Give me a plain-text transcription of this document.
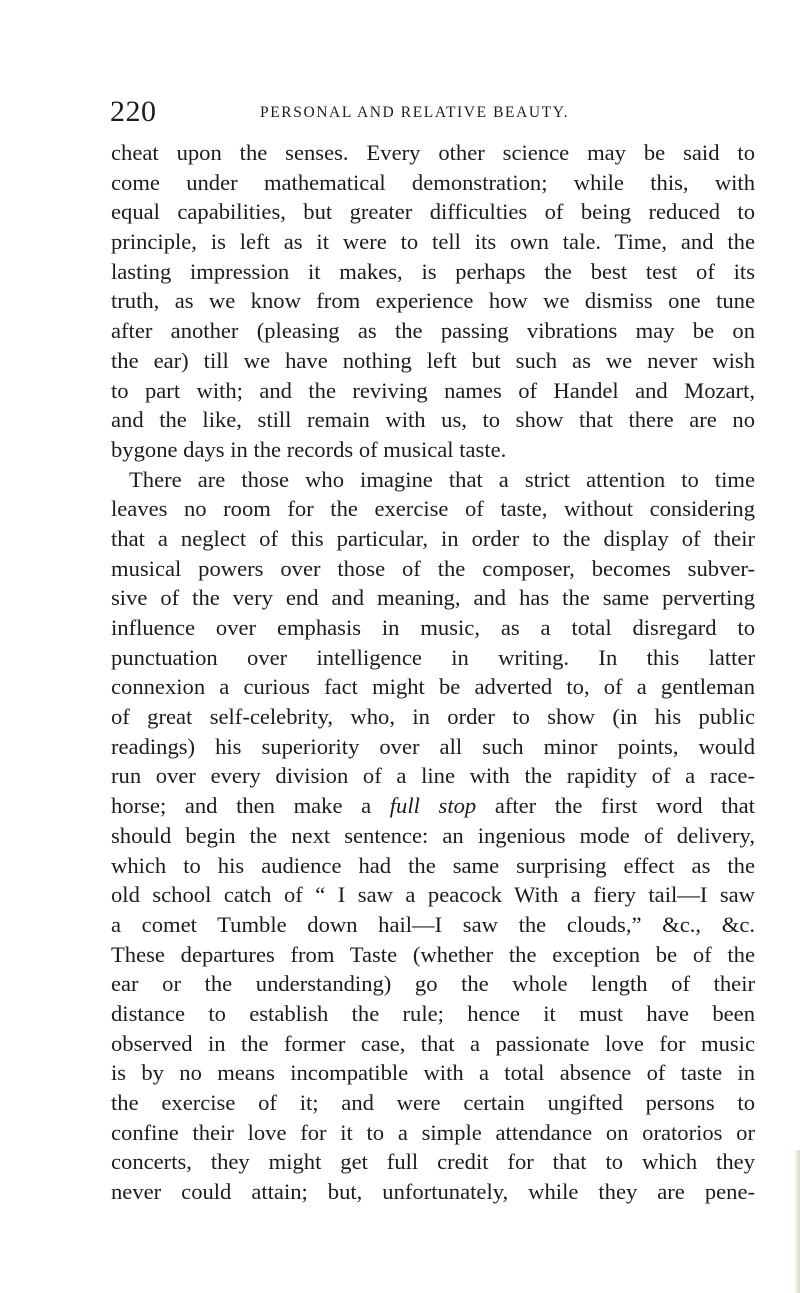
220	PERSONAL AND RELATIVE BEAUTY.
cheat upon the senses. Every other science may be said to
come under mathematical demonstration; while this, with
equal capabilities, but greater difficulties of being reduced to
principle, is left as it were to tell its own tale. Time, and the
lasting impression it makes, is perhaps the best test of its
truth, as we know from experience how we dismiss one tune
after another (pleasing as the passing vibrations may be on
the ear) till we have nothing left but such as we never wish
to part with; and the reviving names of Handel and Mozart,
and the like, still remain with us, to show that there are no
bygone days in the records of musical taste.
There are those who imagine that a strict attention to time
leaves no room for the exercise of taste, without considering
that a neglect of this particular, in order to the display of their
musical powers over those of the composer, becomes subver-
sive of the very end and meaning, and has the same perverting
influence over emphasis in music, as a total disregard to
punctuation over intelligence in writing. In this latter
connexion a curious fact might be adverted to, of a gentleman
of great self-celebrity, who, in order to show (in his public
readings) his superiority over all such minor points, would
run over every division of a line with the rapidity of a race-
horse; and then make a full stop after the first word that
should begin the next sentence: an ingenious mode of delivery,
which to his audience had the same surprising effect as the
old school catch of “ I saw a peacock With a fiery tail—I saw
a comet Tumble down hail—I saw the clouds,” &c., &c.
These departures from Taste (whether the exception be of the
ear or the understanding) go the whole length of their
distance to establish the rule; hence it must have been
observed in the former case, that a passionate love for music
is by no means incompatible with a total absence of taste in
the exercise of it; and were certain ungifted persons to
confine their love for it to a simple attendance on oratorios or
concerts, they might get full credit for that to which they
never could attain; but, unfortunately, while they are pene-
